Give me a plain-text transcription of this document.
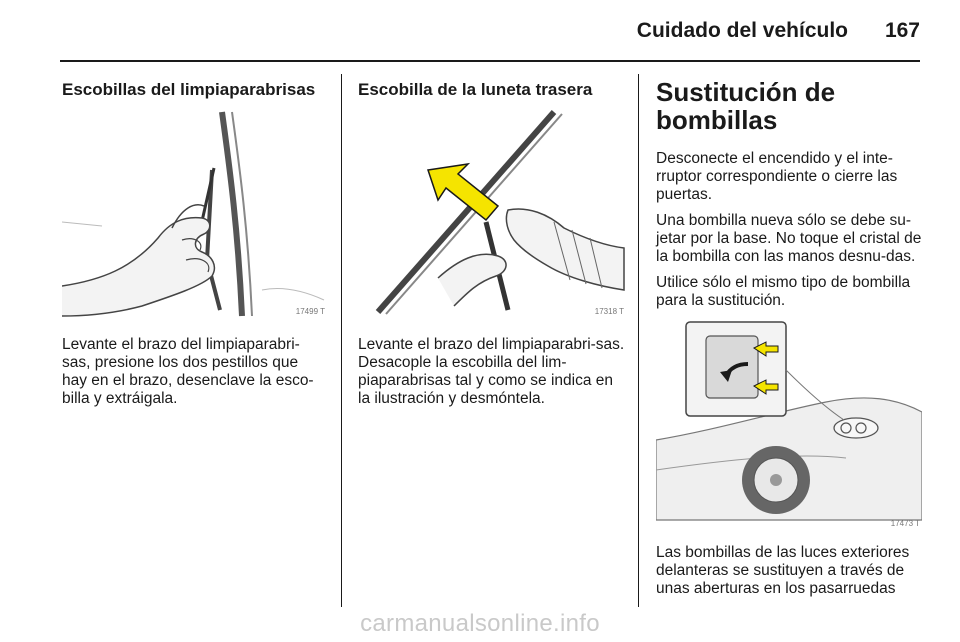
Cuidado del vehículo 167
Escobillas del limpiaparabrisas
17499 T

Levante el brazo del limpiaparabri-sas, presione los dos pestillos que hay en el brazo, desenclave la esco-billa y extráigala.

Escobilla de la luneta trasera
17318 T

Levante el brazo del limpiaparabri-sas. Desacople la escobilla del lim-piaparabrisas tal y como se indica en la ilustración y desmóntela.

Sustitución de bombillas

Desconecte el encendido y el inte-rruptor correspondiente o cierre las puertas.

Una bombilla nueva sólo se debe su-jetar por la base. No toque el cristal de la bombilla con las manos desnu-das.

Utilice sólo el mismo tipo de bombilla para la sustitución.

17473 T

Las bombillas de las luces exteriores delanteras se sustituyen a través de unas aberturas en los pasarruedas

carmanualsonline.info
